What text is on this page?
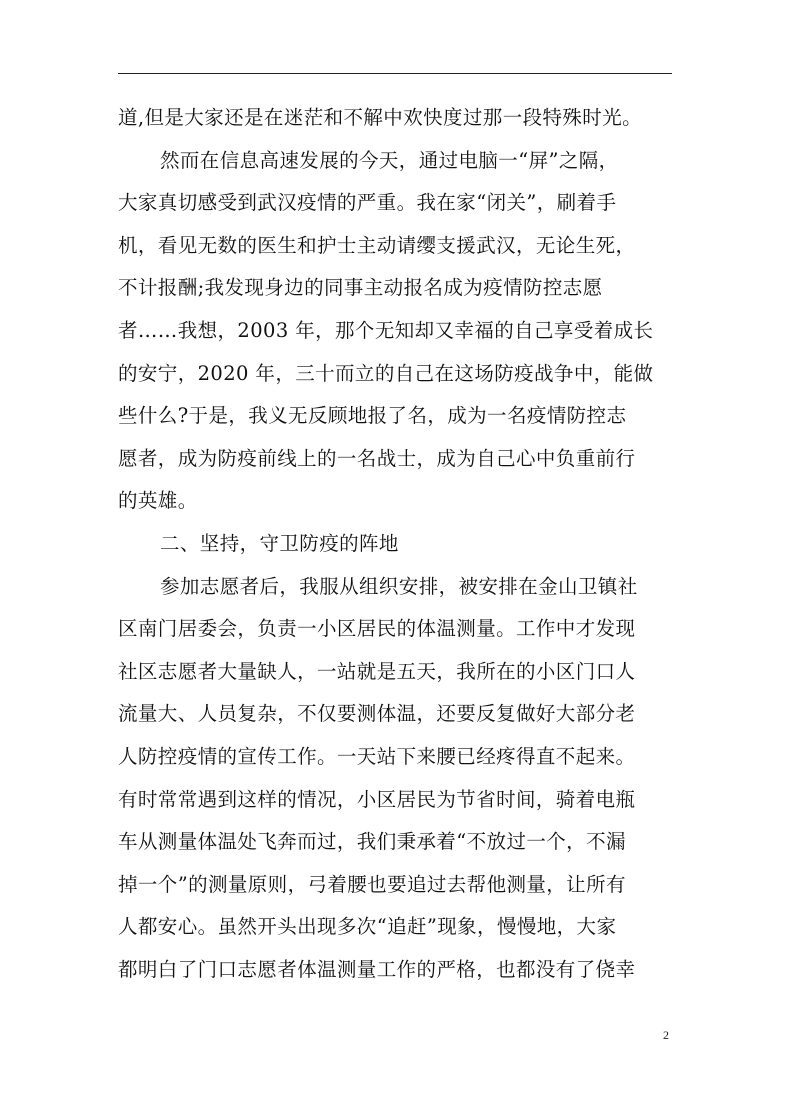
道,但是大家还是在迷茫和不解中欢快度过那一段特殊时光。
然而在信息高速发展的今天，通过电脑一“屏”之隔，
大家真切感受到武汉疫情的严重。我在家“闭关”，刷着手
机，看见无数的医生和护士主动请缨支援武汉，无论生死，
不计报酬;我发现身边的同事主动报名成为疫情防控志愿
者……我想，2003 年，那个无知却又幸福的自己享受着成长
的安宁，2020 年，三十而立的自己在这场防疫战争中，能做
些什么?于是，我义无反顾地报了名，成为一名疫情防控志
愿者，成为防疫前线上的一名战士，成为自己心中负重前行
的英雄。
二、坚持，守卫防疫的阵地
参加志愿者后，我服从组织安排，被安排在金山卫镇社
区南门居委会，负责一小区居民的体温测量。工作中才发现
社区志愿者大量缺人，一站就是五天，我所在的小区门口人
流量大、人员复杂，不仅要测体温，还要反复做好大部分老
人防控疫情的宣传工作。一天站下来腰已经疼得直不起来。
有时常常遇到这样的情况，小区居民为节省时间，骑着电瓶
车从测量体温处飞奔而过，我们秉承着“不放过一个，不漏
掉一个”的测量原则，弓着腰也要追过去帮他测量，让所有
人都安心。虽然开头出现多次“追赶”现象，慢慢地，大家
都明白了门口志愿者体温测量工作的严格，也都没有了侥幸
2
